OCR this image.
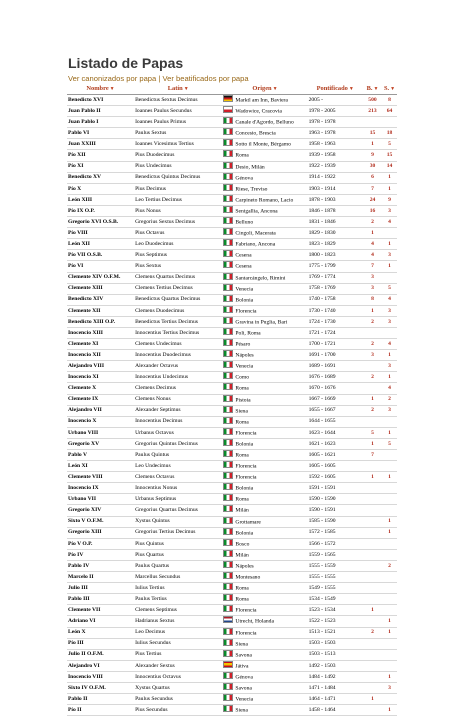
Listado de Papas
Ver canonizados por papa | Ver beatificados por papa
Nombre▼	Latín▼	Origen▼	Pontificado▼	B.▼	S.▼
Benedicto XVI	Benedictus Sextus Decimus	Marktl am Inn, Baviera	2005 -	500	8
Juan Pablo II	Ioannes Paulus Secundus	Wadowice, Cracovia	1978 - 2005	213	64
Juan Pablo I	Ioannes Paulus Primus	Canale d'Agordo, Belluno	1978 - 1978		
Pablo VI	Paulus Sextus	Concesio, Brescia	1963 - 1978	15	18
Juan XXIII	Ioannes Vicesimus Tertius	Sotto il Monte, Bérgamo	1958 - 1963	1	5
Pío XII	Pius Duodecimus	Roma	1939 - 1958	9	15
Pío XI	Pius Undecimus	Desio, Milán	1922 - 1939	30	14
Benedicto XV	Benedictus Quintus Decimus	Génova	1914 - 1922	6	1
Pío X	Pius Decimus	Riese, Treviso	1903 - 1914	7	1
León XIII	Leo Tertius Decimus	Carpineto Romano, Lacio	1878 - 1903	24	9
Pío IX O.P.	Pius Nonus	Senigallia, Ancona	1846 - 1878	16	3
Gregorio XVI O.S.B.	Gregorius Sextus Decimus	Belluno	1831 - 1846	2	4
Pío VIII	Pius Octavus	Cingoli, Macerata	1829 - 1830	1	
León XII	Leo Duodecimus	Fabriano, Ancona	1823 - 1829	4	1
Pío VII O.S.B.	Pius Septimus	Cesena	1800 - 1823	4	3
Pío VI	Pius Sextus	Cesena	1775 - 1799	7	1
Clemente XIV O.F.M.	Clemens Quartus Decimus	Santarcángelo, Rimini	1769 - 1774	3	
Clemente XIII	Clemens Tertius Decimus	Venecia	1758 - 1769	3	5
Benedicto XIV	Benedictus Quartus Decimus	Bolonia	1740 - 1758	8	4
Clemente XII	Clemens Duodecimus	Florencia	1730 - 1740	1	3
Benedicto XIII O.P.	Benedictus Tertius Decimus	Gravina in Puglia, Bari	1724 - 1730	2	3
Inocencio XIII	Innocentius Tertius Decimus	Poli, Roma	1721 - 1724		
Clemente XI	Clemens Undecimus	Pésaro	1700 - 1721	2	4
Inocencio XII	Innocentius Duodecimus	Nápoles	1691 - 1700	3	1
Alejandro VIII	Alexander Octavus	Venecia	1689 - 1691		3
Inocencio XI	Innocentius Undecimus	Como	1676 - 1689	2	1
Clemente X	Clemens Decimus	Roma	1670 - 1676		4
Clemente IX	Clemens Nonus	Pistoia	1667 - 1669	1	2
Alejandro VII	Alexander Septimus	Siena	1655 - 1667	2	3
Inocencio X	Innocentius Decimus	Roma	1644 - 1655		
Urbano VIII	Urbanus Octavus	Florencia	1623 - 1644	5	1
Gregorio XV	Gregorius Quintus Decimus	Bolonia	1621 - 1623	1	5
Pablo V	Paulus Quintus	Roma	1605 - 1621	7	
León XI	Leo Undecimus	Florencia	1605 - 1605		
Clemente VIII	Clemens Octavus	Florencia	1592 - 1605	1	1
Inocencio IX	Innocentius Nonus	Bolonia	1591 - 1591		
Urbano VII	Urbanus Septimus	Roma	1590 - 1590		
Gregorio XIV	Gregorius Quartus Decimus	Milán	1590 - 1591		
Sixto V O.F.M.	Xystus Quintus	Grottamare	1585 - 1590		1
Gregorio XIII	Gregorius Tertius Decimus	Bolonia	1572 - 1585		1
Pío V O.P.	Pius Quintus	Bosco	1566 - 1572		
Pío IV	Pius Quartus	Milán	1559 - 1565		
Pablo IV	Paulus Quartus	Nápoles	1555 - 1559		2
Marcelo II	Marcellus Secundus	Montesano	1555 - 1555		
Julio III	Iulius Tertius	Roma	1549 - 1555		
Pablo III	Paulus Tertius	Roma	1534 - 1549		
Clemente VII	Clemens Septimus	Florencia	1523 - 1534	1	
Adriano VI	Hadrianus Sextus	Utrecht, Holanda	1522 - 1523		1
León X	Leo Decimus	Florencia	1513 - 1521	2	1
Pío III	Iulius Secundus	Siena	1503 - 1503		
Julio II O.F.M.	Pius Tertius	Savona	1503 - 1513		
Alejandro VI	Alexander Sextus	Játiva	1492 - 1503		
Inocencio VIII	Innocentius Octavus	Génova	1484 - 1492		1
Sixto IV O.F.M.	Xystus Quartus	Savona	1471 - 1484		3
Pablo II	Paulus Secundus	Venecia	1464 - 1471	1	
Pío II	Pius Secundus	Siena	1458 - 1464		1
